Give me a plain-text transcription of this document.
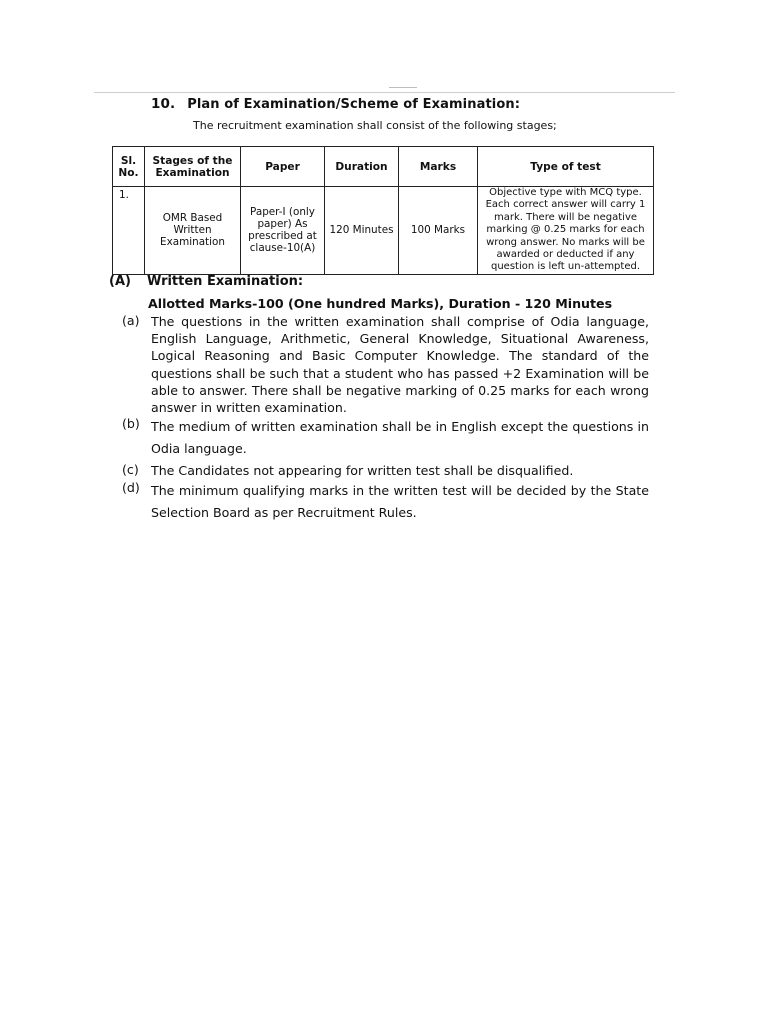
10. Plan of Examination/Scheme of Examination:
The recruitment examination shall consist of the following stages;
Sl. No.	Stages of the Examination	Paper	Duration	Marks	Type of test
1.	OMR Based Written Examination	Paper-I (only paper) As prescribed at clause-10(A)	120 Minutes	100 Marks	Objective type with MCQ type. Each correct answer will carry 1 mark. There will be negative marking @ 0.25 marks for each wrong answer. No marks will be awarded or deducted if any question is left un-attempted.
(A) Written Examination:
Allotted Marks-100 (One hundred Marks), Duration - 120 Minutes
(a) The questions in the written examination shall comprise of Odia language, English Language, Arithmetic, General Knowledge, Situational Awareness, Logical Reasoning and Basic Computer Knowledge. The standard of the questions shall be such that a student who has passed +2 Examination will be able to answer. There shall be negative marking of 0.25 marks for each wrong answer in written examination.
(b) The medium of written examination shall be in English except the questions in Odia language.
(c) The Candidates not appearing for written test shall be disqualified.
(d) The minimum qualifying marks in the written test will be decided by the State Selection Board as per Recruitment Rules.
